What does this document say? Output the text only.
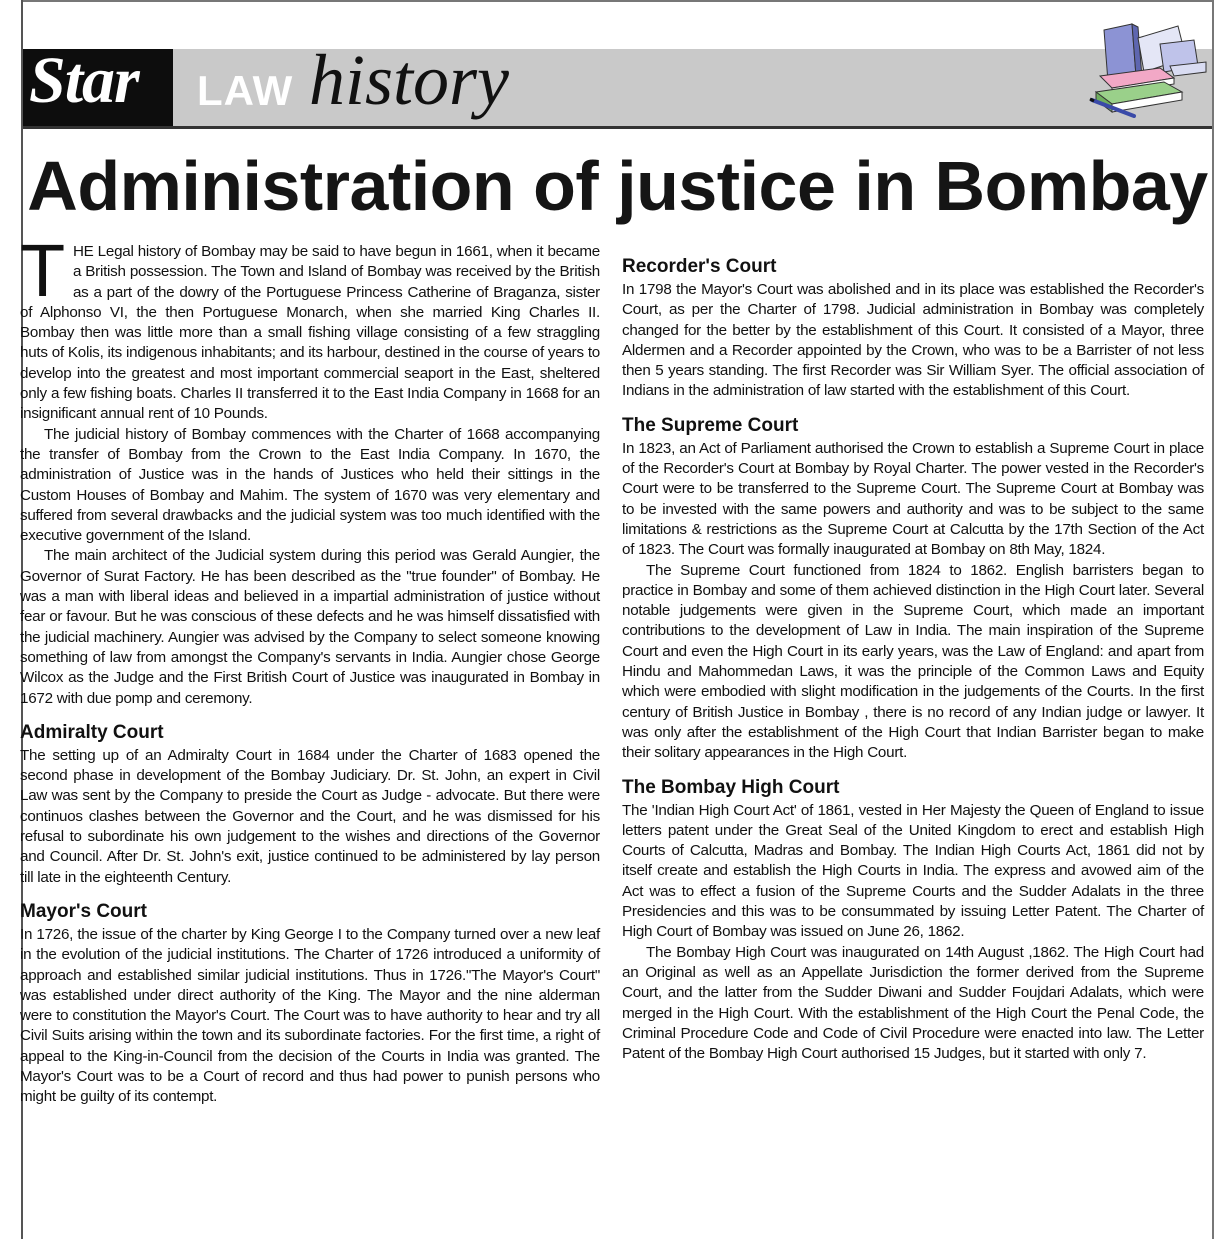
Star LAW history

Administration of justice in Bombay

THE Legal history of Bombay may be said to have begun in 1661, when it became a British possession. The Town and Island of Bombay was received by the British as a part of the dowry of the Portuguese Princess Catherine of Braganza, sister of Alphonso VI, the then Portuguese Monarch, when she married King Charles II. Bombay then was little more than a small fishing village consisting of a few straggling huts of Kolis, its indigenous inhabitants; and its harbour, destined in the course of years to develop into the greatest and most important commercial seaport in the East, sheltered only a few fishing boats. Charles II transferred it to the East India Company in 1668 for an insignificant annual rent of 10 Pounds.

The judicial history of Bombay commences with the Charter of 1668 accompanying the transfer of Bombay from the Crown to the East India Company. In 1670, the administration of Justice was in the hands of Justices who held their sittings in the Custom Houses of Bombay and Mahim. The system of 1670 was very elementary and suffered from several drawbacks and the judicial system was too much identified with the executive government of the Island.

The main architect of the Judicial system during this period was Gerald Aungier, the Governor of Surat Factory. He has been described as the "true founder" of Bombay. He was a man with liberal ideas and believed in a impartial administration of justice without fear or favour. But he was conscious of these defects and he was himself dissatisfied with the judicial machinery. Aungier was advised by the Company to select someone knowing something of law from amongst the Company's servants in India. Aungier chose George Wilcox as the Judge and the First British Court of Justice was inaugurated in Bombay in 1672 with due pomp and ceremony.

Admiralty Court

The setting up of an Admiralty Court in 1684 under the Charter of 1683 opened the second phase in development of the Bombay Judiciary. Dr. St. John, an expert in Civil Law was sent by the Company to preside the Court as Judge - advocate. But there were continuos clashes between the Governor and the Court, and he was dismissed for his refusal to subordinate his own judgement to the wishes and directions of the Governor and Council. After Dr. St. John's exit, justice continued to be administered by lay person till late in the eighteenth Century.

Mayor's Court

In 1726, the issue of the charter by King George I to the Company turned over a new leaf in the evolution of the judicial institutions. The Charter of 1726 introduced a uniformity of approach and established similar judicial institutions. Thus in 1726."The Mayor's Court" was established under direct authority of the King. The Mayor and the nine alderman were to constitution the Mayor's Court. The Court was to have authority to hear and try all Civil Suits arising within the town and its subordinate factories. For the first time, a right of appeal to the King-in-Council from the decision of the Courts in India was granted. The Mayor's Court was to be a Court of record and thus had power to punish persons who might be guilty of its contempt.

Recorder's Court

In 1798 the Mayor's Court was abolished and in its place was established the Recorder's Court, as per the Charter of 1798. Judicial administration in Bombay was completely changed for the better by the establishment of this Court. It consisted of a Mayor, three Aldermen and a Recorder appointed by the Crown, who was to be a Barrister of not less then 5 years standing. The first Recorder was Sir William Syer. The official association of Indians in the administration of law started with the establishment of this Court.

The Supreme Court

In 1823, an Act of Parliament authorised the Crown to establish a Supreme Court in place of the Recorder's Court at Bombay by Royal Charter. The power vested in the Recorder's Court were to be transferred to the Supreme Court. The Supreme Court at Bombay was to be invested with the same powers and authority and was to be subject to the same limitations & restrictions as the Supreme Court at Calcutta by the 17th Section of the Act of 1823. The Court was formally inaugurated at Bombay on 8th May, 1824.

The Supreme Court functioned from 1824 to 1862. English barristers began to practice in Bombay and some of them achieved distinction in the High Court later. Several notable judgements were given in the Supreme Court, which made an important contributions to the development of Law in India. The main inspiration of the Supreme Court and even the High Court in its early years, was the Law of England: and apart from Hindu and Mahommedan Laws, it was the principle of the Common Laws and Equity which were embodied with slight modification in the judgements of the Courts. In the first century of British Justice in Bombay , there is no record of any Indian judge or lawyer. It was only after the establishment of the High Court that Indian Barrister began to make their solitary appearances in the High Court.

The Bombay High Court

The 'Indian High Court Act' of 1861, vested in Her Majesty the Queen of England to issue letters patent under the Great Seal of the United Kingdom to erect and establish High Courts of Calcutta, Madras and Bombay. The Indian High Courts Act, 1861 did not by itself create and establish the High Courts in India. The express and avowed aim of the Act was to effect a fusion of the Supreme Courts and the Sudder Adalats in the three Presidencies and this was to be consummated by issuing Letter Patent. The Charter of High Court of Bombay was issued on June 26, 1862.

The Bombay High Court was inaugurated on 14th August ,1862. The High Court had an Original as well as an Appellate Jurisdiction the former derived from the Supreme Court, and the latter from the Sudder Diwani and Sudder Foujdari Adalats, which were merged in the High Court. With the establishment of the High Court the Penal Code, the Criminal Procedure Code and Code of Civil Procedure were enacted into law. The Letter Patent of the Bombay High Court authorised 15 Judges, but it started with only 7.
